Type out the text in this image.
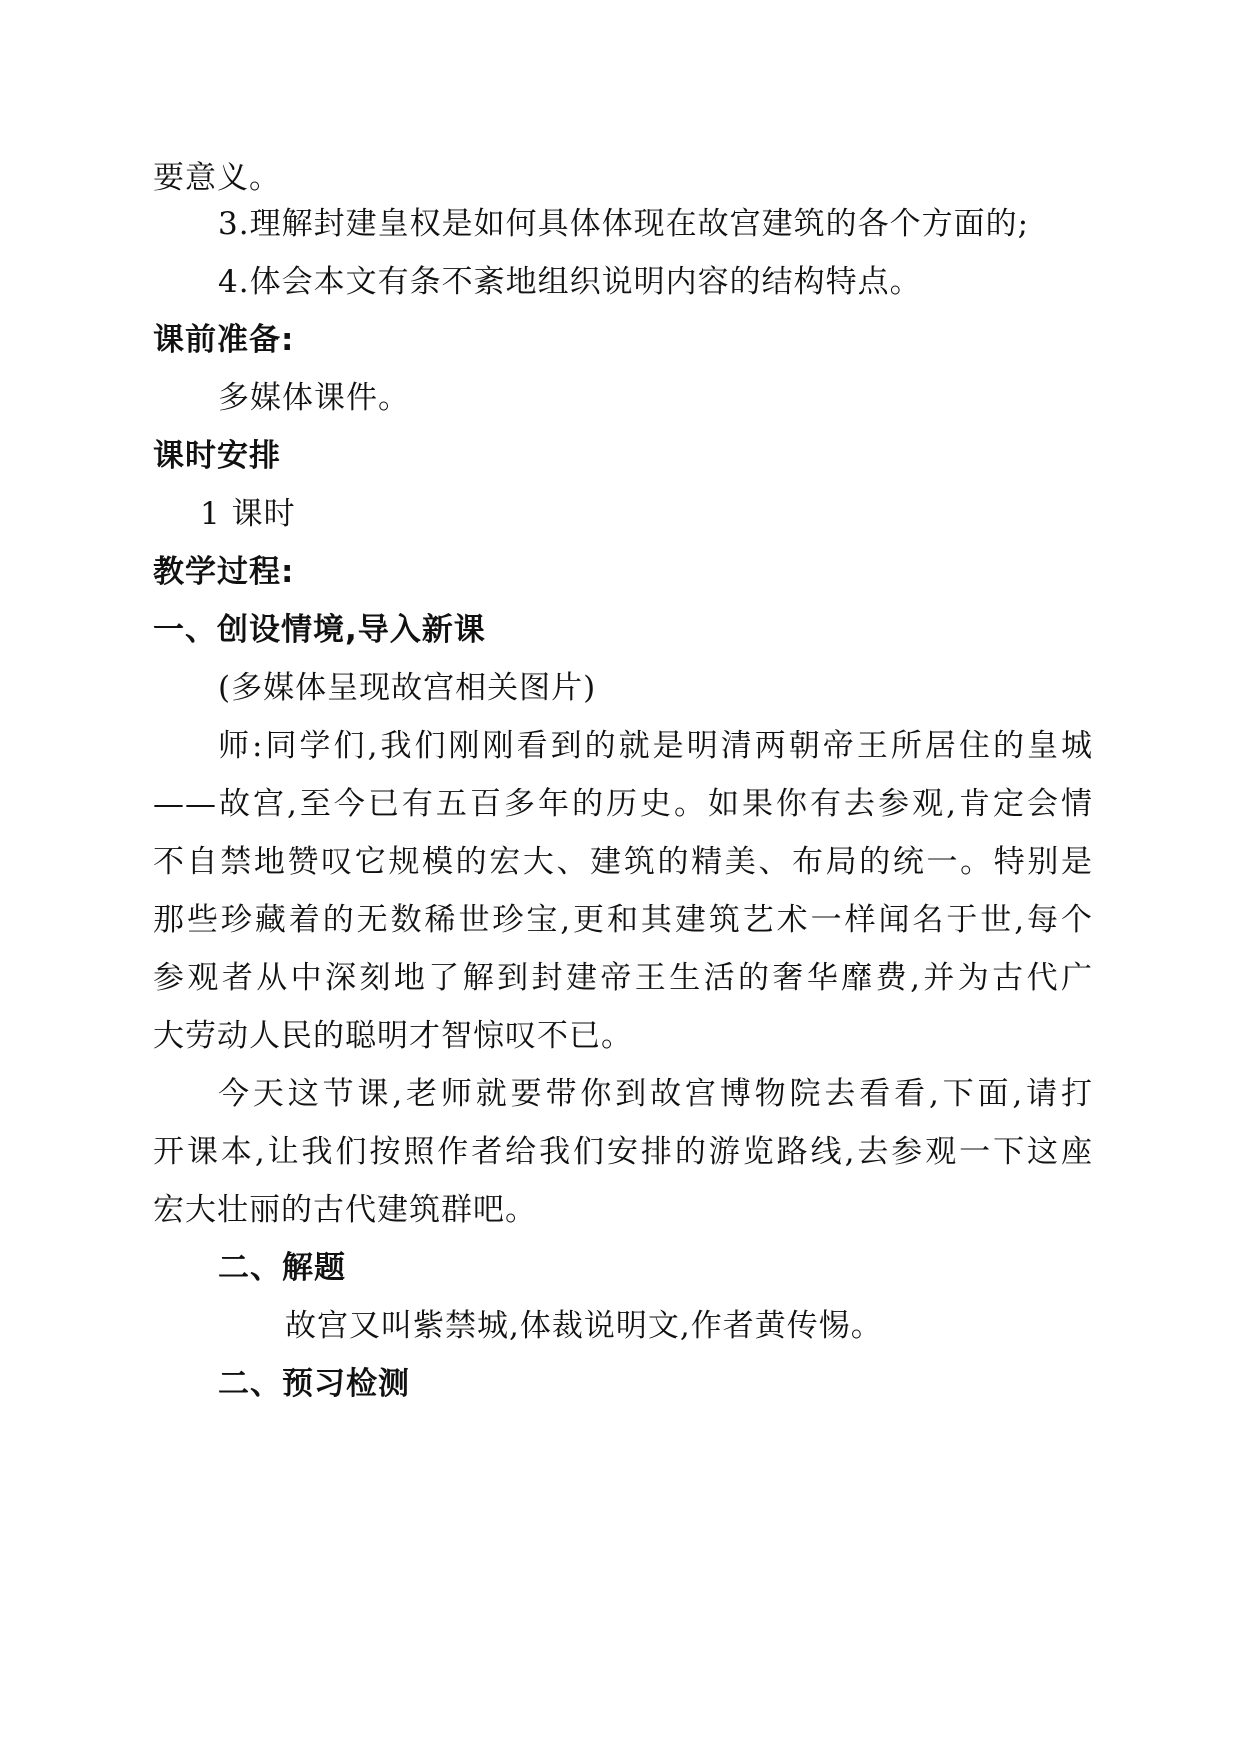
要意义。
3.理解封建皇权是如何具体体现在故宫建筑的各个方面的;
4.体会本文有条不紊地组织说明内容的结构特点。
课前准备:
多媒体课件。
课时安排
1 课时
教学过程:
一、创设情境,导入新课
(多媒体呈现故宫相关图片)
师:同学们,我们刚刚看到的就是明清两朝帝王所居住的皇城
——故宫,至今已有五百多年的历史。如果你有去参观,肯定会情
不自禁地赞叹它规模的宏大、建筑的精美、布局的统一。特别是
那些珍藏着的无数稀世珍宝,更和其建筑艺术一样闻名于世,每个
参观者从中深刻地了解到封建帝王生活的奢华靡费,并为古代广
大劳动人民的聪明才智惊叹不已。
今天这节课,老师就要带你到故宫博物院去看看,下面,请打
开课本,让我们按照作者给我们安排的游览路线,去参观一下这座
宏大壮丽的古代建筑群吧。
二、解题
故宫又叫紫禁城,体裁说明文,作者黄传惕。
二、预习检测
